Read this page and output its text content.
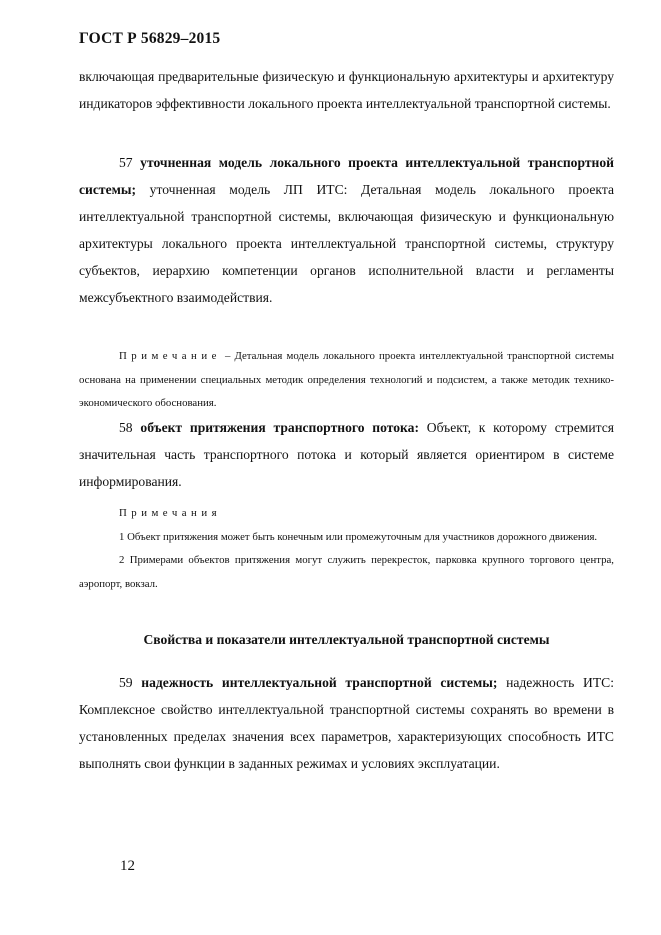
ГОСТ Р 56829–2015

включающая предварительные физическую и функциональную архитектуры и архитектуру индикаторов эффективности локального проекта интеллектуальной транспортной системы.

57 уточненная модель локального проекта интеллектуальной транспортной системы; уточненная модель ЛП ИТС: Детальная модель локального проекта интеллектуальной транспортной системы, включающая физическую и функциональную архитектуры локального проекта интеллектуальной транспортной системы, структуру субъектов, иерархию компетенции органов исполнительной власти и регламенты межсубъектного взаимодействия.

Примечание – Детальная модель локального проекта интеллектуальной транспортной системы основана на применении специальных методик определения технологий и подсистем, а также методик технико-экономического обоснования.

58 объект притяжения транспортного потока: Объект, к которому стремится значительная часть транспортного потока и который является ориентиром в системе информирования.

Примечания

1 Объект притяжения может быть конечным или промежуточным для участников дорожного движения.

2 Примерами объектов притяжения могут служить перекресток, парковка крупного торгового центра, аэропорт, вокзал.

Свойства и показатели интеллектуальной транспортной системы

59 надежность интеллектуальной транспортной системы; надежность ИТС: Комплексное свойство интеллектуальной транспортной системы сохранять во времени в установленных пределах значения всех параметров, характеризующих способность ИТС выполнять свои функции в заданных режимах и условиях эксплуатации.

12
